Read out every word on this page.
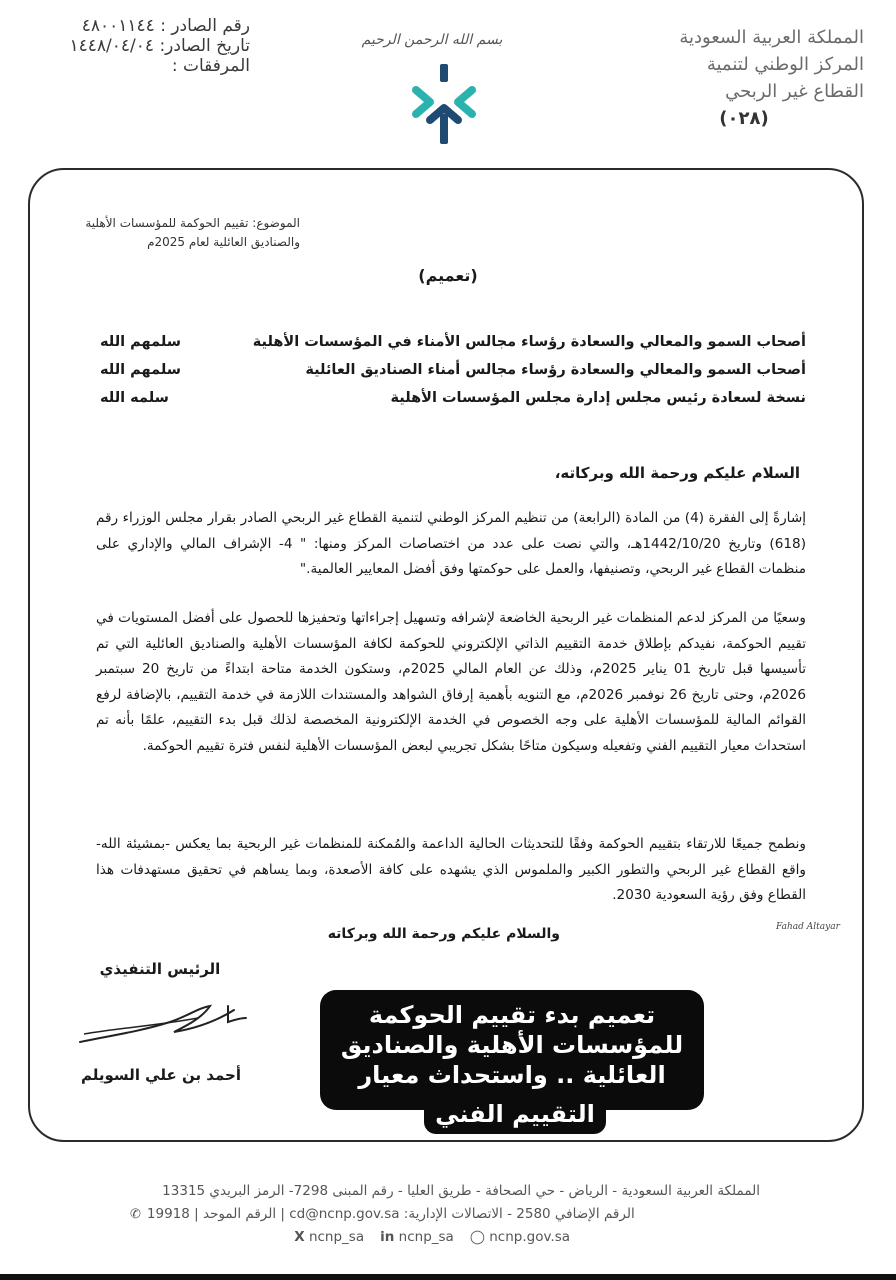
المملكة العربية السعودية
المركز الوطني لتنمية
القطاع غير الربحي
(٠٢٨)
بسم الله الرحمن الرحيم
رقم الصادر : ٤٨٠٠١١٤٤
تاريخ الصادر: ١٤٤٨/٠٤/٠٤
المرفقات :
الموضوع: تقييم الحوكمة للمؤسسات الأهلية
والصناديق العائلية لعام 2025م
(تعميم)
أصحاب السمو والمعالي والسعادة رؤساء مجالس الأمناء في المؤسسات الأهلية
سلمهم الله
أصحاب السمو والمعالي والسعادة رؤساء مجالس أمناء الصناديق العائلية
سلمهم الله
نسخة لسعادة رئيس مجلس إدارة مجلس المؤسسات الأهلية
سلمه الله
السلام عليكم ورحمة الله وبركاته،
إشارةً إلى الفقرة (4) من المادة (الرابعة) من تنظيم المركز الوطني لتنمية القطاع غير الربحي الصادر بقرار مجلس الوزراء رقم (618) وتاريخ 1442/10/20هـ، والتي نصت على عدد من اختصاصات المركز ومنها: " 4- الإشراف المالي والإداري على منظمات القطاع غير الربحي، وتصنيفها، والعمل على حوكمتها وفق أفضل المعايير العالمية."
وسعيًا من المركز لدعم المنظمات غير الربحية الخاضعة لإشرافه وتسهيل إجراءاتها وتحفيزها للحصول على أفضل المستويات في تقييم الحوكمة، نفيدكم بإطلاق خدمة التقييم الذاتي الإلكتروني للحوكمة لكافة المؤسسات الأهلية والصناديق العائلية التي تم تأسيسها قبل تاريخ 01 يناير 2025م، وذلك عن العام المالي 2025م، وستكون الخدمة متاحة ابتداءً من تاريخ 20 سبتمبر 2026م، وحتى تاريخ 26 نوفمبر 2026م، مع التنويه بأهمية إرفاق الشواهد والمستندات اللازمة في خدمة التقييم، بالإضافة لرفع القوائم المالية للمؤسسات الأهلية على وجه الخصوص في الخدمة الإلكترونية المخصصة لذلك قبل بدء التقييم، علمًا بأنه تم استحداث معيار التقييم الفني وتفعيله وسيكون متاحًا بشكل تجريبي لبعض المؤسسات الأهلية لنفس فترة تقييم الحوكمة.
ونطمح جميعًا للارتقاء بتقييم الحوكمة وفقًا للتحديثات الحالية الداعمة والمُمكنة للمنظمات غير الربحية بما يعكس -بمشيئة الله- واقع القطاع غير الربحي والتطور الكبير والملموس الذي يشهده على كافة الأصعدة، وبما يساهم في تحقيق مستهدفات هذا القطاع وفق رؤية السعودية 2030.
والسلام عليكم ورحمة الله وبركاته	Fahad Altayar
الرئيس التنفيذي
أحمد بن علي السويلم
تعميم بدء تقييم الحوكمة
للمؤسسات الأهلية والصناديق
العائلية .. واستحداث معيار
التقييم الفني
المملكة العربية السعودية - الرياض - حي الصحافة - طريق العليا - رقم المبنى 7298- الرمز البريدي 13315
الرقم الإضافي 2580 - الاتصالات الإدارية: cd@ncnp.gov.sa | الرقم الموحد | 19918
✆
X ncnp_sa in ncnp_sa ◯ ncnp.gov.sa
